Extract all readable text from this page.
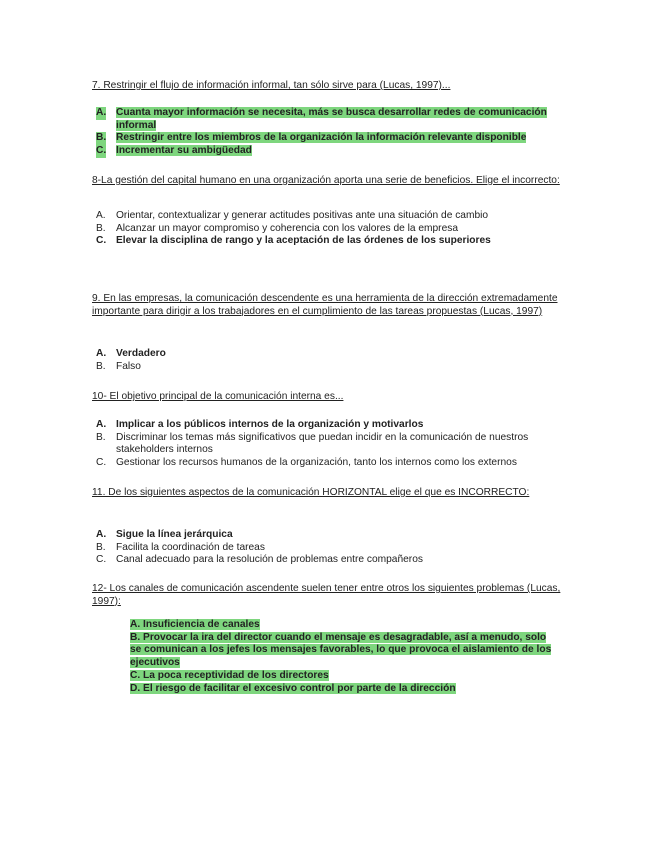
7. Restringir el flujo de información informal, tan sólo sirve para (Lucas, 1997)...
A. Cuanta mayor información se necesita, más se busca desarrollar redes de comunicación informal
B. Restringir entre los miembros de la organización la información relevante disponible
C. Incrementar su ambigüedad
8-La gestión del capital humano en una organización aporta una serie de beneficios. Elige el incorrecto:
A. Orientar, contextualizar y generar actitudes positivas ante una situación de cambio
B. Alcanzar un mayor compromiso y coherencia con los valores de la empresa
C. Elevar la disciplina de rango y la aceptación de las órdenes de los superiores
9. En las empresas, la comunicación descendente es una herramienta de la dirección extremadamente importante para dirigir a los trabajadores en el cumplimiento de las tareas propuestas (Lucas, 1997)
A. Verdadero
B. Falso
10- El objetivo principal de la comunicación interna es...
A. Implicar a los públicos internos de la organización y motivarlos
B. Discriminar los temas más significativos que puedan incidir en la comunicación de nuestros stakeholders internos
C. Gestionar los recursos humanos de la organización, tanto los internos como los externos
11. De los siguientes aspectos de la comunicación HORIZONTAL elige el que es INCORRECTO:
A. Sigue la línea jerárquica
B. Facilita la coordinación de tareas
C. Canal adecuado para la resolución de problemas entre compañeros
12- Los canales de comunicación ascendente suelen tener entre otros los siguientes problemas (Lucas, 1997):
A. Insuficiencia de canales
B. Provocar la ira del director cuando el mensaje es desagradable, así a menudo, solo se comunican a los jefes los mensajes favorables, lo que provoca el aislamiento de los ejecutivos
C. La poca receptividad de los directores
D. El riesgo de facilitar el excesivo control por parte de la dirección
